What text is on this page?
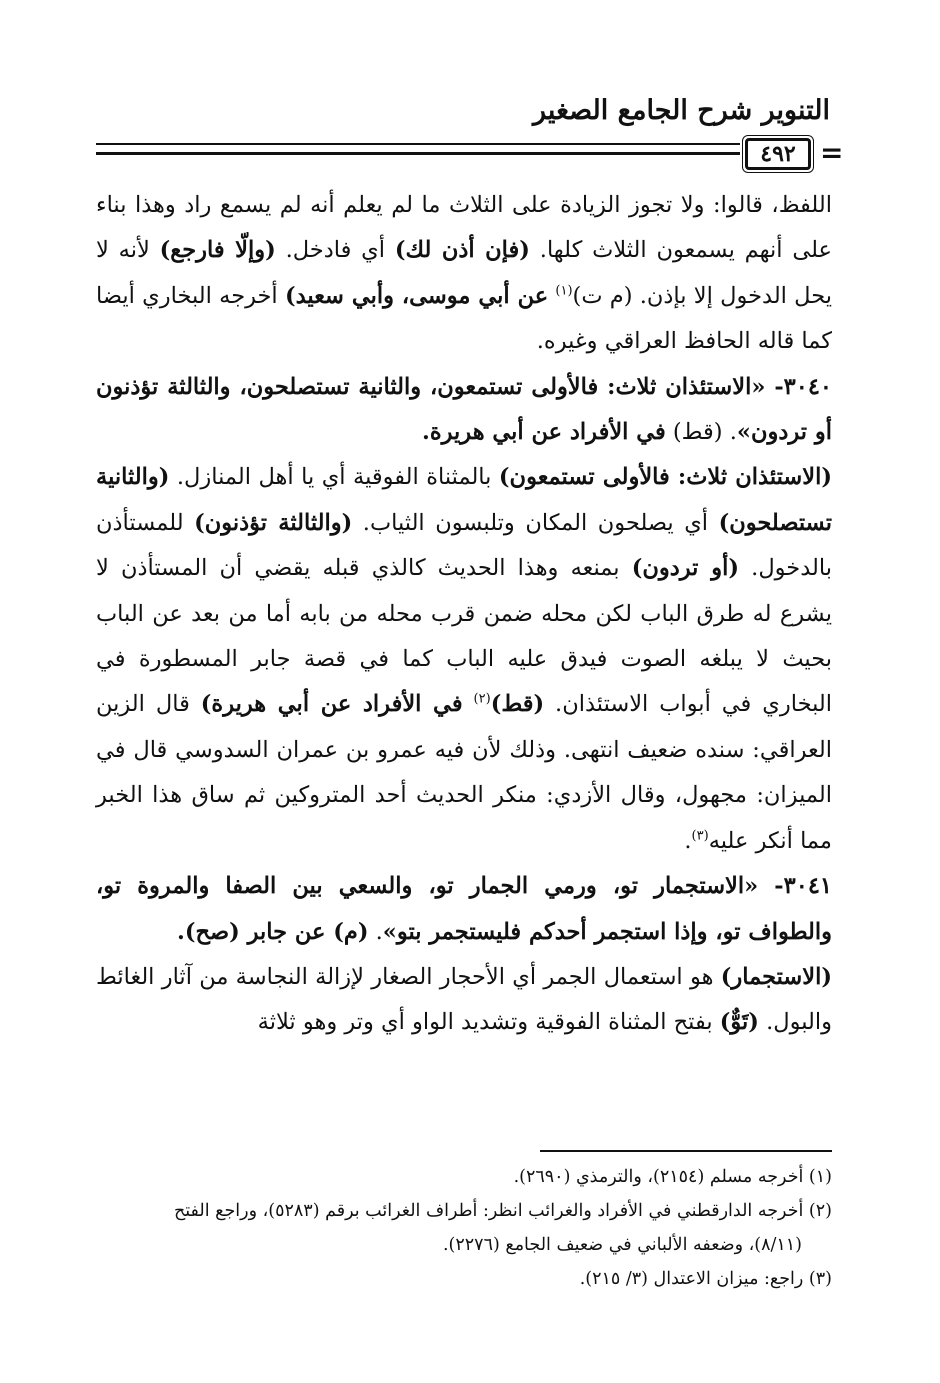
التنوير شرح الجامع الصغير
٤٩٢ =

اللفظ، قالوا: ولا تجوز الزيادة على الثلاث ما لم يعلم أنه لم يسمع راد وهذا بناء على أنهم يسمعون الثلاث كلها. (فإن أذن لك) أي فادخل. (وإلّا فارجع) لأنه لا يحل الدخول إلا بإذن. (م ت)$^{(١)}$ عن أبي موسى، وأبي سعيد) أخرجه البخاري أيضا كما قاله الحافظ العراقي وغيره.

٣٠٤٠- «الاستئذان ثلاث: فالأولى تستمعون، والثانية تستصلحون، والثالثة تؤذنون أو تردون». (قط) في الأفراد عن أبي هريرة.

(الاستئذان ثلاث: فالأولى تستمعون) بالمثناة الفوقية أي يا أهل المنازل. (والثانية تستصلحون) أي يصلحون المكان وتلبسون الثياب. (والثالثة تؤذنون) للمستأذن بالدخول. (أو تردون) بمنعه وهذا الحديث كالذي قبله يقضي أن المستأذن لا يشرع له طرق الباب لكن محله ضمن قرب محله من بابه أما من بعد عن الباب بحيث لا يبلغه الصوت فيدق عليه الباب كما في قصة جابر المسطورة في البخاري في أبواب الاستئذان. (قط)$^{(٢)}$ في الأفراد عن أبي هريرة) قال الزين العراقي: سنده ضعيف انتهى. وذلك لأن فيه عمرو بن عمران السدوسي قال في الميزان: مجهول، وقال الأزدي: منكر الحديث أحد المتروكين ثم ساق هذا الخبر مما أنكر عليه$^{(٣)}$.

٣٠٤١- «الاستجمار تو، ورمي الجمار تو، والسعي بين الصفا والمروة تو، والطواف تو، وإذا استجمر أحدكم فليستجمر بتو». (م) عن جابر (صح).

(الاستجمار) هو استعمال الجمر أي الأحجار الصغار لإزالة النجاسة من آثار الغائط والبول. (تَوٌّ) بفتح المثناة الفوقية وتشديد الواو أي وتر وهو ثلاثة

(١) أخرجه مسلم (٢١٥٤)، والترمذي (٢٦٩٠).

(٢) أخرجه الدارقطني في الأفراد والغرائب انظر: أطراف الغرائب برقم (٥٢٨٣)، وراجع الفتح

(٨/١١)، وضعفه الألباني في ضعيف الجامع (٢٢٧٦).

(٣) راجع: ميزان الاعتدال (٣/ ٢١٥).
